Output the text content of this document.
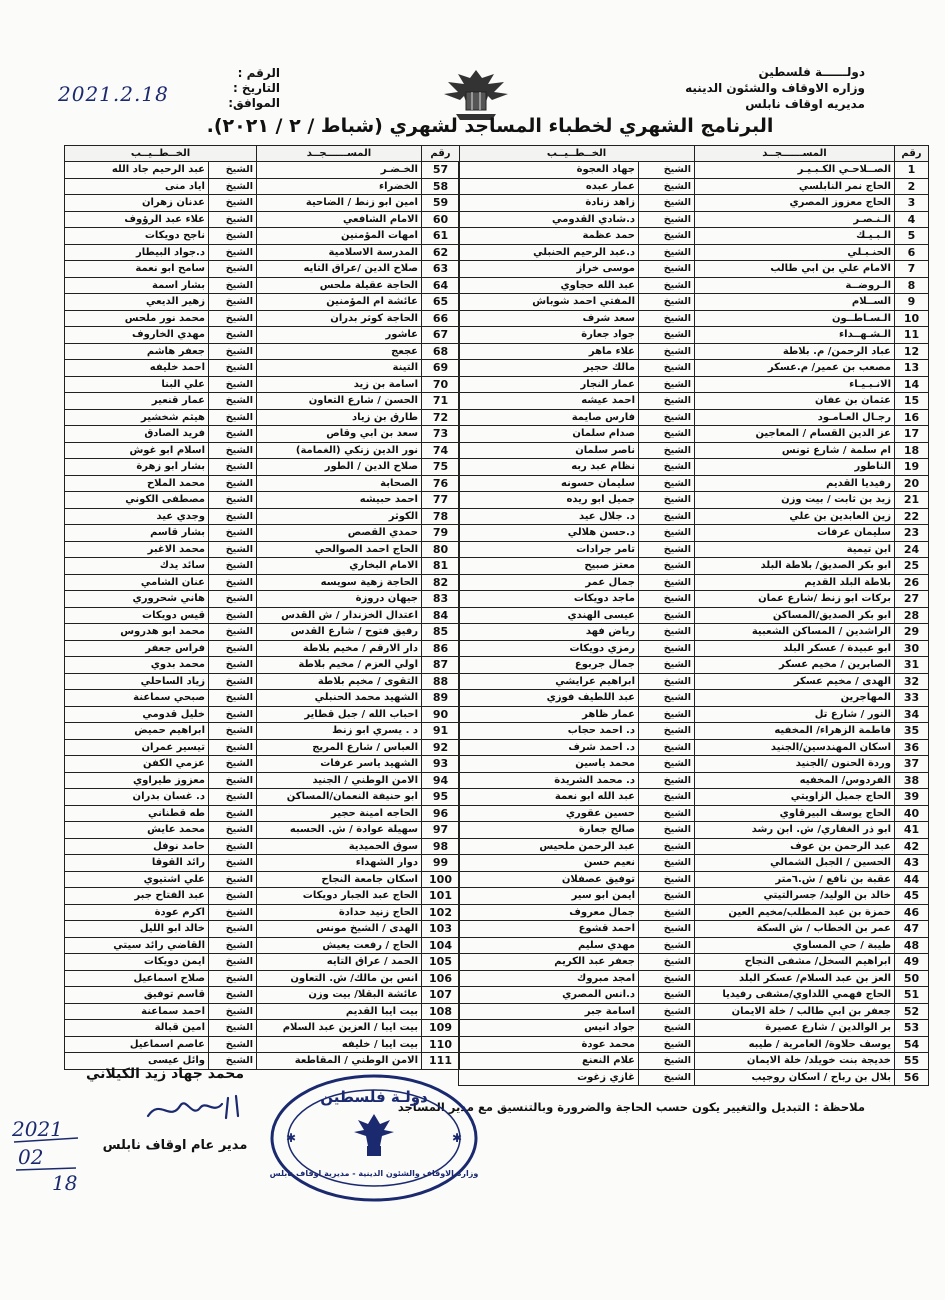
دولــــــة فلسطين
وزاره الاوقاف والشئون الدينيه
مديريه اوقاف نابلس
الرقم :
التاريخ :
الموافق:
2021.2.18
البرنامج الشهري لخطباء المساجد لشهري (شباط / ٢ / ٢٠٢١).
رقم	المســــــجــد	الخــطــيــب	
1	الصــلاحـي الكـبـيـر	الشيخ	جهاد العجوة
2	الحاج نمر النابلسي	الشيخ	عمار عبده
3	الحاج معزوز المصري	الشيخ	زاهد زنادة
4	الـنـصـر	الشيخ	د.شادي القدومي
5	الـبـيـك	الشيخ	حمد عظمة
6	الحنـبـلي	الشيخ	د.عبد الرحيم الحنبلي
7	الامام علي بن ابي طالب	الشيخ	موسى خراز
8	الـروضــة	الشيخ	عبد الله حجاوي
9	الســلام	الشيخ	المفتي احمد شوباش
10	الـسـاطــون	الشيخ	سعد شرف
11	الـشـهــداء	الشيخ	جواد جعارة
12	عباد الرحمن/ م. بلاطة	الشيخ	علاء ماهر
13	مصعب بن عمير/ م.عسكر	الشيخ	مالك حجير
14	الانـبـيـاء	الشيخ	عمار النجار
15	عثمان بن عفان	الشيخ	احمد عيشه
16	رجـال العـامـود	الشيخ	فارس صايمة
17	عز الدين القسام / المعاجين	الشيخ	صدام سلمان
18	ام سلمة / شارع تونس	الشيخ	ناصر سلمان
19	الناطور	الشيخ	نظام عبد ربه
20	رفيديا القديم	الشيخ	سليمان حسونه
21	زيد بن ثابت / بيت وزن	الشيخ	جميل ابو ريده
22	زين العابدين بن علي	الشيخ	د. جلال عيد
23	سليمان عرفات	الشيخ	د.حسن هلالي
24	ابن تيمية	الشيخ	تامر جرادات
25	ابو بكر الصديق/ بلاطة البلد	الشيخ	معتز صبيح
26	بلاطة البلد القديم	الشيخ	جمال عمر
27	بركات ابو زنط /شارع عمان	الشيخ	ماجد دويكات
28	ابو بكر الصديق/المساكن	الشيخ	عيسى الهندي
29	الراشدين / المساكن الشعبية	الشيخ	رياض فهد
30	ابو عبيدة / عسكر البلد	الشيخ	رمزي دويكات
31	الصابرين / مخيم عسكر	الشيخ	جمال جربوع
32	الهدى / مخيم عسكر	الشيخ	ابراهيم عرايشي
33	المهاجرين	الشيخ	عبد اللطيف فوزي
34	النور / شارع تل	الشيخ	عمار ظاهر
35	فاطمة الزهراء/ المخفيه	الشيخ	د. احمد حجاب
36	اسكان المهندسين/الجنيد	الشيخ	د. احمد شرف
37	وردة الحنون /الجنيد	الشيخ	محمد ياسين
38	الفردوس/ المخفيه	الشيخ	د. محمد الشريدة
39	الحاج جميل الزاويتي	الشيخ	عبد الله ابو نعمة
40	الحاج يوسف البيرقاوي	الشيخ	حسين عقوري
41	ابو ذر الغفاري/ ش. ابن رشد	الشيخ	صالح جعارة
42	عبد الرحمن بن عوف	الشيخ	عبد الرحمن ملحيس
43	الحسين / الجبل الشمالي	الشيخ	نعيم حسن
44	عقبة بن نافع / ش.٦متر	الشيخ	توفيق عصفلان
45	خالد بن الوليد/ جسرالتيتي	الشيخ	ايمن ابو سير
46	حمزة بن عبد المطلب/مخيم العين	الشيخ	جمال معروف
47	عمر بن الخطاب / ش السكة	الشيخ	احمد قشوع
48	طيبة / حي المساوي	الشيخ	مهدي سليم
49	ابراهيم السخل/ مشفى النجاح	الشيخ	جعفر عبد الكريم
50	العز بن عبد السلام/ عسكر البلد	الشيخ	امجد مبروك
51	الحاج فهمي اللداوي/مشفى رفيديا	الشيخ	د.انس المصري
52	جعفر بن ابي طالب / خلة الايمان	الشيخ	اسامة جبر
53	بر الوالدين / شارع عصيرة	الشيخ	جواد انيس
54	يوسف حلاوة/ العامرية / طيبه	الشيخ	محمد عودة
55	خديجة بنت خويلد/ خلة الايمان	الشيخ	علام النعنع
56	بلال بن رباح / اسكان روجيب	الشيخ	غازي زغوت
رقم	المســــــجــد	الخــطــيــب	
57	الخـضـر	الشيخ	عبد الرحيم جاد الله
58	الخضراء	الشيخ	اياد منى
59	امين ابو زنط / الضاحية	الشيخ	عدنان زهران
60	الامام الشافعي	الشيخ	علاء عبد الرؤوف
61	امهات المؤمنين	الشيخ	ناجح دويكات
62	المدرسة الاسلامية	الشيخ	د.جواد البيطار
63	صلاح الدين /عراق التايه	الشيخ	سامح ابو نعمة
64	الحاجة عقيلة ملحس	الشيخ	بشار اسمة
65	عائشة ام المؤمنين	الشيخ	زهير الديعي
66	الحاجة كوثر بدران	الشيخ	محمد نور ملحس
67	عاشور	الشيخ	مهدي الخاروف
68	عجعج	الشيخ	جعفر هاشم
69	التينة	الشيخ	احمد خليفه
70	اسامة بن زيد	الشيخ	علي البنا
71	الحسن / شارع التعاون	الشيخ	عمار قنعير
72	طارق بن زياد	الشيخ	هيثم شخشير
73	سعد بن ابي وقاص	الشيخ	فريد الصادق
74	نور الدين زنكي (الغمامة)	الشيخ	اسلام ابو غوش
75	صلاح الدين / الطور	الشيخ	بشار ابو زهرة
76	الصحابة	الشيخ	محمد الملاح
77	احمد حبيشه	الشيخ	مصطفى الكوني
78	الكوثر	الشيخ	وجدي عيد
79	حمدي القصص	الشيخ	بشار قاسم
80	الحاج احمد الصوالحي	الشيخ	محمد الاغبر
81	الامام البخاري	الشيخ	سائد يدك
82	الحاجة زهية سويسه	الشيخ	عنان الشامي
83	جيهان دروزة	الشيخ	هاني شحروري
84	اعتدال الخزندار / ش القدس	الشيخ	قيس دويكات
85	رفيق فتوح / شارع القدس	الشيخ	محمد ابو هدروس
86	دار الارقم / مخيم بلاطة	الشيخ	فراس جعفر
87	اولي العزم / مخيم بلاطة	الشيخ	محمد بدوي
88	التقوى / مخيم بلاطة	الشيخ	زياد الساحلي
89	الشهيد محمد الحنبلي	الشيخ	صبحي سماعنة
90	احباب الله / جبل قطاير	الشيخ	خليل قدومي
91	د . يسري ابو زنط	الشيخ	ابراهيم حميض
92	العباس / شارع المريج	الشيخ	تيسير عمران
93	الشهيد ياسر عرفات	الشيخ	عزمي الكفن
94	الامن الوطني / الجنيد	الشيخ	معزوز طيراوي
95	ابو حنيفة النعمان/المساكن	الشيخ	د. غسان بدران
96	الحاجه امينة حجير	الشيخ	طه قطناني
97	سهيلة عوادة / ش. الحسبه	الشيخ	محمد عايش
98	سوق الحميدية	الشيخ	حامد نوفل
99	دوار الشهداء	الشيخ	رائد القوقا
100	اسكان جامعة النجاح	الشيخ	علي اشتيوي
101	الحاج عبد الجبار دويكات	الشيخ	عبد الفتاح جبر
102	الحاج زنيد حدادة	الشيخ	اكرم عودة
103	الهدى / الشيخ مونس	الشيخ	خالد ابو الليل
104	الحاج / رفعت يعيش	الشيخ	القاضي رائد سيتي
105	الحمد / عراق التايه	الشيخ	ايمن دويكات
106	انس بن مالك/ ش. التعاون	الشيخ	صلاح اسماعيل
107	عائشة البقلا/ بيت وزن	الشيخ	قاسم توفيق
108	بيت ايبا القديم	الشيخ	احمد سماعنة
109	بيت ايبا / العزين عبد السلام	الشيخ	امين قبالة
110	بيت ايبا / خليفه	الشيخ	عاصم اسماعيل
111	الامن الوطني / المقاطعة	الشيخ	وائل عيسى
ملاحظة : التبديل والتغيير يكون حسب الحاجة والضرورة وبالتنسيق مع مدير المساجد
محمد جهاد زيد الكيلاني
مدير عام اوقاف نابلس
2021
02
18
دولـة فلسطين
وزارة الاوقاف والشئون الدينية - مديرية اوقاف نابلس
✱	✱
